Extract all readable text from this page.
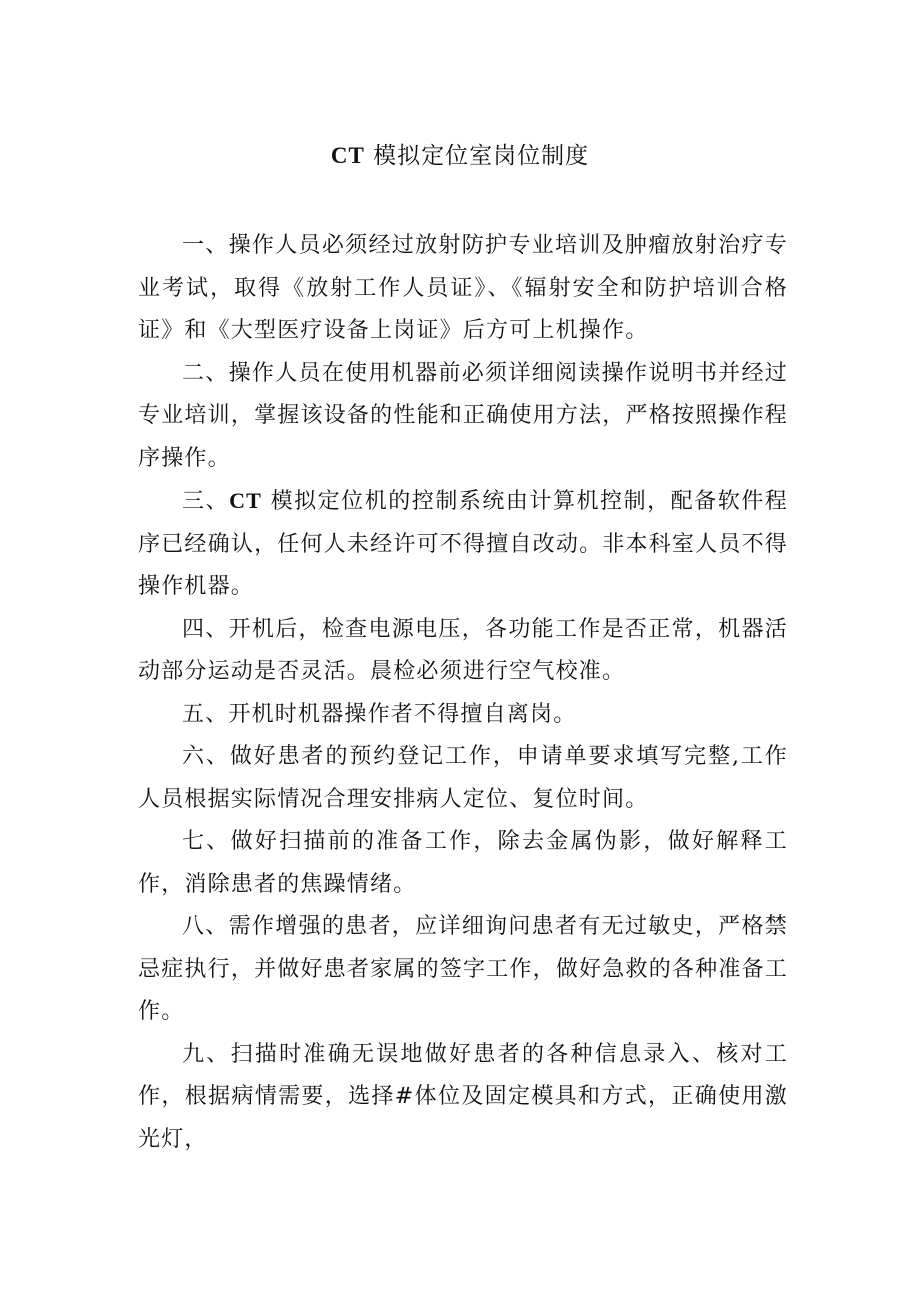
CT 模拟定位室岗位制度

一、操作人员必须经过放射防护专业培训及肿瘤放射治疗专业考试，取得《放射工作人员证》、《辐射安全和防护培训合格证》和《大型医疗设备上岗证》后方可上机操作。

二、操作人员在使用机器前必须详细阅读操作说明书并经过专业培训，掌握该设备的性能和正确使用方法，严格按照操作程序操作。

三、CT 模拟定位机的控制系统由计算机控制，配备软件程序已经确认，任何人未经许可不得擅自改动。非本科室人员不得操作机器。

四、开机后，检查电源电压，各功能工作是否正常，机器活动部分运动是否灵活。晨检必须进行空气校准。

五、开机时机器操作者不得擅自离岗。

六、做好患者的预约登记工作，申请单要求填写完整,工作人员根据实际情况合理安排病人定位、复位时间。

七、做好扫描前的准备工作，除去金属伪影，做好解释工作，消除患者的焦躁情绪。

八、需作增强的患者，应详细询问患者有无过敏史，严格禁忌症执行，并做好患者家属的签字工作，做好急救的各种准备工作。

九、扫描时准确无误地做好患者的各种信息录入、核对工作，根据病情需要，选择#体位及固定模具和方式，正确使用激光灯，
